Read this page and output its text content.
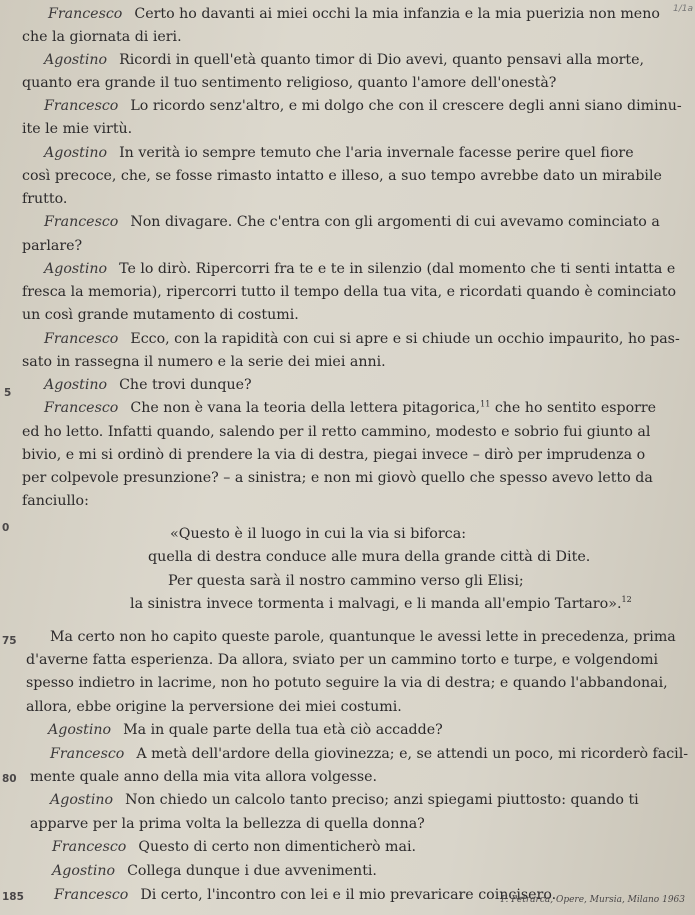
1/1a
5
0
75
80
185
Francesco Certo ho davanti ai miei occhi la mia infanzia e la mia puerizia non meno
che la giornata di ieri.
Agostino Ricordi in quell'età quanto timor di Dio avevi, quanto pensavi alla morte,
quanto era grande il tuo sentimento religioso, quanto l'amore dell'onestà?
Francesco Lo ricordo senz'altro, e mi dolgo che con il crescere degli anni siano diminu-
ite le mie virtù.
Agostino In verità io sempre temuto che l'aria invernale facesse perire quel fiore
così precoce, che, se fosse rimasto intatto e illeso, a suo tempo avrebbe dato un mirabile
frutto.
Francesco Non divagare. Che c'entra con gli argomenti di cui avevamo cominciato a
parlare?
Agostino Te lo dirò. Ripercorri fra te e te in silenzio (dal momento che ti senti intatta e
fresca la memoria), ripercorri tutto il tempo della tua vita, e ricordati quando è cominciato
un così grande mutamento di costumi.
Francesco Ecco, con la rapidità con cui si apre e si chiude un occhio impaurito, ho pas-
sato in rassegna il numero e la serie dei miei anni.
Agostino Che trovi dunque?
Francesco Che non è vana la teoria della lettera pitagorica,$^{11}$ che ho sentito esporre
ed ho letto. Infatti quando, salendo per il retto cammino, modesto e sobrio fui giunto al
bivio, e mi si ordinò di prendere la via di destra, piegai invece – dirò per imprudenza o
per colpevole presunzione? – a sinistra; e non mi giovò quello che spesso avevo letto da
fanciullo:
«Questo è il luogo in cui la via si biforca:
quella di destra conduce alle mura della grande città di Dite.
Per questa sarà il nostro cammino verso gli Elisi;
la sinistra invece tormenta i malvagi, e li manda all'empio Tartaro».$^{12}$
Ma certo non ho capito queste parole, quantunque le avessi lette in precedenza, prima
d'averne fatta esperienza. Da allora, sviato per un cammino torto e turpe, e volgendomi
spesso indietro in lacrime, non ho potuto seguire la via di destra; e quando l'abbandonai,
allora, ebbe origine la perversione dei miei costumi.
Agostino Ma in quale parte della tua età ciò accadde?
Francesco A metà dell'ardore della giovinezza; e, se attendi un poco, mi ricorderò facil-
mente quale anno della mia vita allora volgesse.
Agostino Non chiedo un calcolo tanto preciso; anzi spiegami piuttosto: quando ti
apparve per la prima volta la bellezza di quella donna?
Francesco Questo di certo non dimenticherò mai.
Agostino Collega dunque i due avvenimenti.
Francesco Di certo, l'incontro con lei e il mio prevaricare coincisero.
F. Petrarca, Opere, Mursia, Milano 1963
